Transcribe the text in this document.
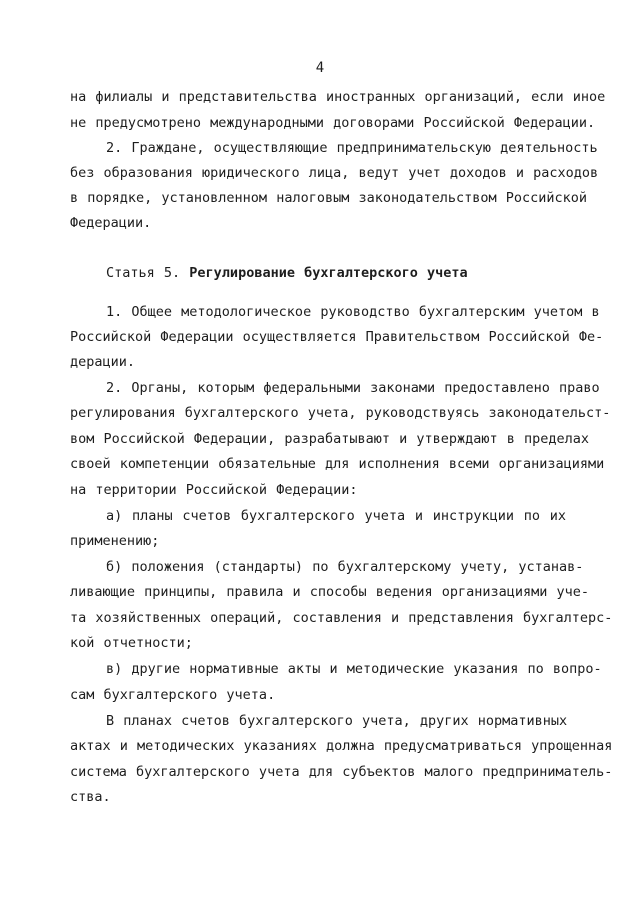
4
на филиалы и представительства иностранных организаций, если иное
не предусмотрено международными договорами Российской Федерации.
2. Граждане, осуществляющие предпринимательскую деятельность
без образования юридического лица, ведут учет доходов и расходов
в порядке, установленном налоговым законодательством Российской
Федерации.
Статья 5. Регулирование бухгалтерского учета
1. Общее методологическое руководство бухгалтерским учетом в
Российской Федерации осуществляется Правительством Российской Фе-
дерации.
2. Органы, которым федеральными законами предоставлено право
регулирования бухгалтерского учета, руководствуясь законодательст-
вом Российской Федерации, разрабатывают и утверждают в пределах
своей компетенции обязательные для исполнения всеми организациями
на территории Российской Федерации:
а) планы счетов бухгалтерского учета и инструкции по их
применению;
б) положения (стандарты) по бухгалтерскому учету, устанав-
ливающие принципы, правила и способы ведения организациями уче-
та хозяйственных операций, составления и представления бухгалтерс-
кой отчетности;
в) другие нормативные акты и методические указания по вопро-
сам бухгалтерского учета.
В планах счетов бухгалтерского учета, других нормативных
актах и методических указаниях должна предусматриваться упрощенная
система бухгалтерского учета для субъектов малого предприниматель-
ства.
